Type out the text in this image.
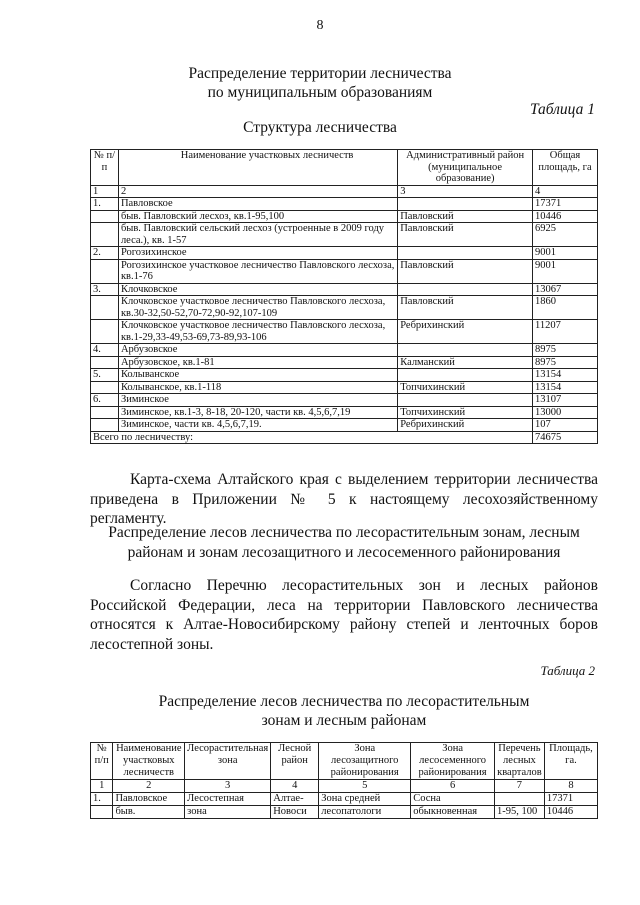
8
Распределение территории лесничества
по муниципальным образованиям
Таблица 1
Структура лесничества
№ п/п	Наименование участковых лесничеств	Административный район (муниципальное образование)	Общая площадь, га
1	2	3	4
1.	Павловское		17371
	быв. Павловский лесхоз, кв.1-95,100	Павловский	10446
	быв. Павловский сельский лесхоз (устроенные в 2009 году леса.), кв. 1-57	Павловский	6925
2.	Рогозихинское		9001
	Рогозихинское участковое лесничество Павловского лесхоза, кв.1-76	Павловский	9001
3.	Клочковское		13067
	Клочковское участковое лесничество Павловского лесхоза, кв.30-32,50-52,70-72,90-92,107-109	Павловский	1860
	Клочковское участковое лесничество Павловского лесхоза, кв.1-29,33-49,53-69,73-89,93-106	Ребрихинский	11207
4.	Арбузовское		8975
	Арбузовское, кв.1-81	Калманский	8975
5.	Колыванское		13154
	Колыванское, кв.1-118	Топчихинский	13154
6.	Зиминское		13107
	Зиминское, кв.1-3, 8-18, 20-120, части кв. 4,5,6,7,19	Топчихинский	13000
	Зиминское, части кв. 4,5,6,7,19.	Ребрихинский	107
Всего по лесничеству:			74675
Карта-схема Алтайского края с выделением территории лесничества приведена в Приложении № 5 к настоящему лесохозяйственному регламенту.
Распределение лесов лесничества по лесорастительным зонам, лесным районам и зонам лесозащитного и лесосеменного районирования
Согласно Перечню лесорастительных зон и лесных районов Российской Федерации, леса на территории Павловского лесничества относятся к Алтае-Новосибирскому району степей и ленточных боров лесостепной зоны.
Таблица 2
Распределение лесов лесничества по лесорастительным
зонам и лесным районам
№ п/п	Наименование участковых лесничеств	Лесорастительная зона	Лесной район	Зона лесозащитного районирования	Зона лесосеменного районирования	Перечень лесных кварталов	Площадь, га.
1	2	3	4	5	6	7	8
1.	Павловское	Лесостепная	Алтае-	Зона средней	Сосна		17371
	быв.	зона	Новоси	лесопатологи	обыкновенная	1-95, 100	10446
